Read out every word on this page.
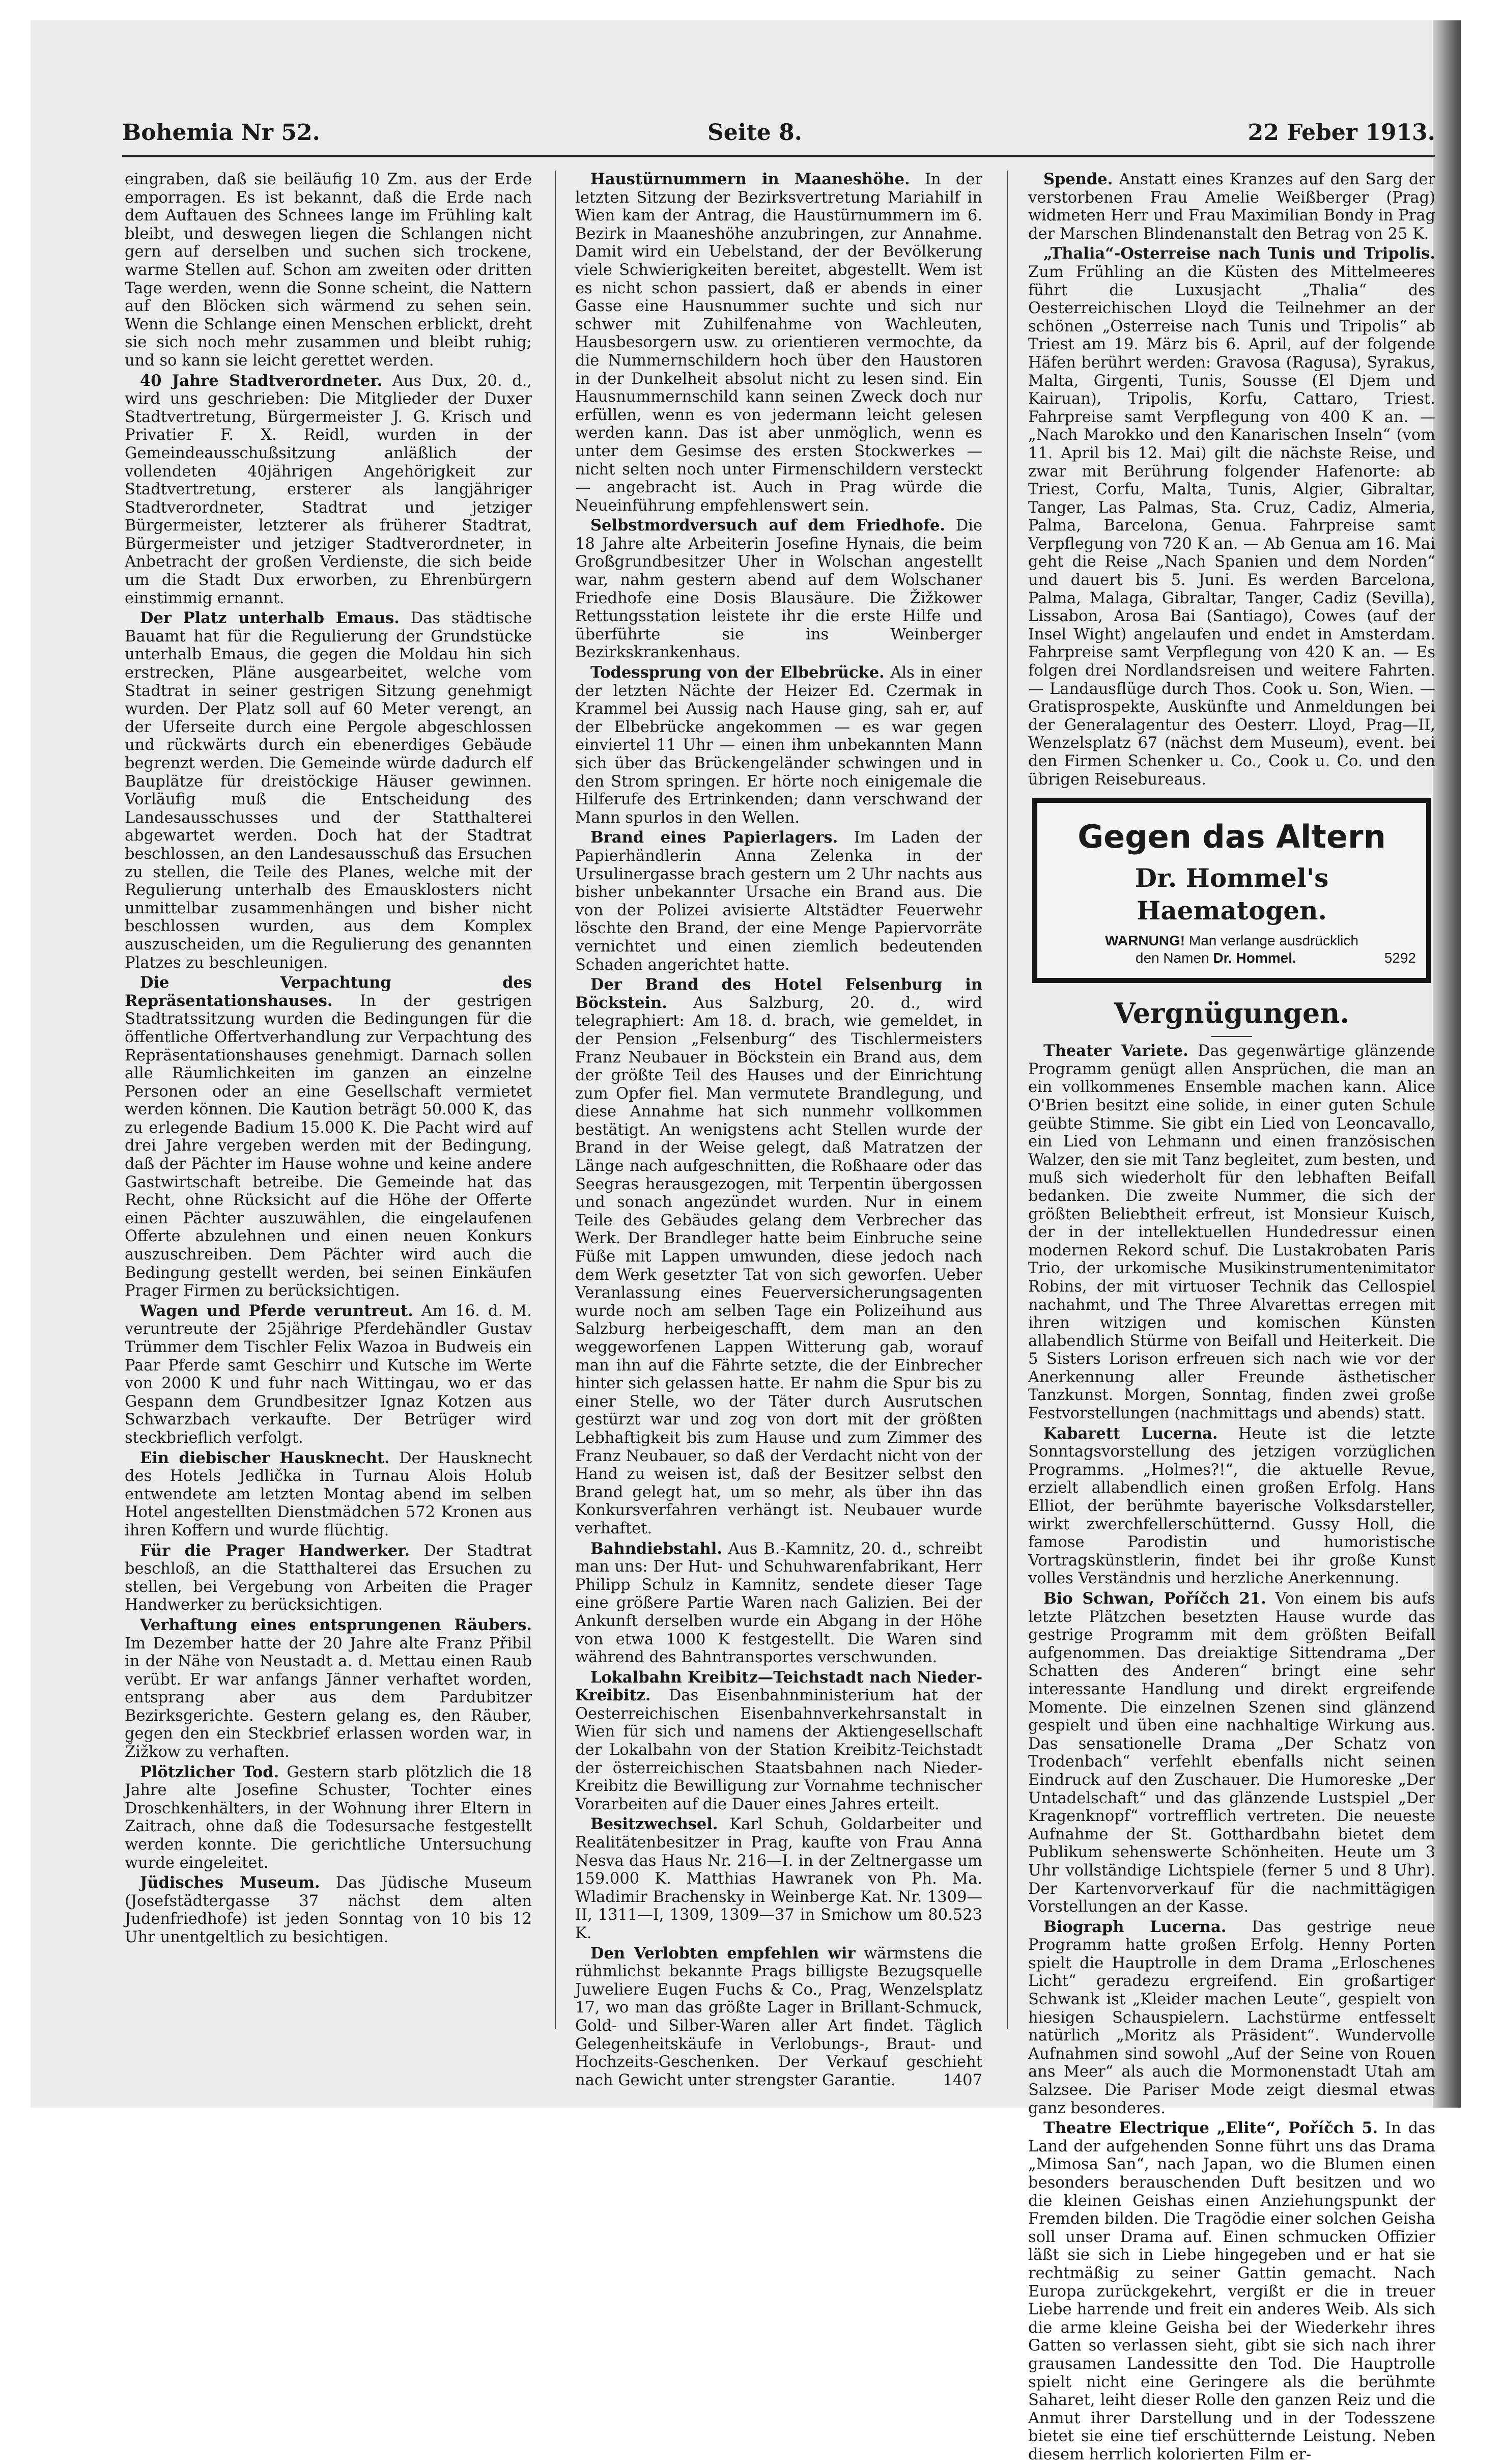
Bohemia Nr 52.	Seite 8.	22 Feber 1913.

eingraben, daß sie beiläufig 10 Zm. aus der Erde emporragen. Es ist bekannt, daß die Erde nach dem Auftauen des Schnees lange im Frühling kalt bleibt, und deswegen liegen die Schlangen nicht gern auf derselben und suchen sich trockene, warme Stellen auf. Schon am zweiten oder dritten Tage werden, wenn die Sonne scheint, die Nattern auf den Blöcken sich wärmend zu sehen sein. Wenn die Schlange einen Menschen erblickt, dreht sie sich noch mehr zusammen und bleibt ruhig; und so kann sie leicht gerettet werden.

40 Jahre Stadtverordneter. Aus Dux, 20. d., wird uns geschrieben: Die Mitglieder der Duxer Stadtvertretung, Bürgermeister J. G. Krisch und Privatier F. X. Reidl, wurden in der Gemeindeausschußsitzung anläßlich der vollendeten 40jährigen Angehörigkeit zur Stadtvertretung, ersterer als langjähriger Stadtverordneter, Stadtrat und jetziger Bürgermeister, letzterer als früherer Stadtrat, Bürgermeister und jetziger Stadtverordneter, in Anbetracht der großen Verdienste, die sich beide um die Stadt Dux erworben, zu Ehrenbürgern einstimmig ernannt.

Der Platz unterhalb Emaus. Das städtische Bauamt hat für die Regulierung der Grundstücke unterhalb Emaus, die gegen die Moldau hin sich erstrecken, Pläne ausgearbeitet, welche vom Stadtrat in seiner gestrigen Sitzung genehmigt wurden. Der Platz soll auf 60 Meter verengt, an der Uferseite durch eine Pergole abgeschlossen und rückwärts durch ein ebenerdiges Gebäude begrenzt werden. Die Gemeinde würde dadurch elf Bauplätze für dreistöckige Häuser gewinnen. Vorläufig muß die Entscheidung des Landesausschusses und der Statthalterei abgewartet werden. Doch hat der Stadtrat beschlossen, an den Landesausschuß das Ersuchen zu stellen, die Teile des Planes, welche mit der Regulierung unterhalb des Emausklosters nicht unmittelbar zusammenhängen und bisher nicht beschlossen wurden, aus dem Komplex auszuscheiden, um die Regulierung des genannten Platzes zu beschleunigen.

Die Verpachtung des Repräsentationshauses. In der gestrigen Stadtratssitzung wurden die Bedingungen für die öffentliche Offertverhandlung zur Verpachtung des Repräsentationshauses genehmigt. Darnach sollen alle Räumlichkeiten im ganzen an einzelne Personen oder an eine Gesellschaft vermietet werden können. Die Kaution beträgt 50.000 K, das zu erlegende Badium 15.000 K. Die Pacht wird auf drei Jahre vergeben werden mit der Bedingung, daß der Pächter im Hause wohne und keine andere Gastwirtschaft betreibe. Die Gemeinde hat das Recht, ohne Rücksicht auf die Höhe der Offerte einen Pächter auszuwählen, die eingelaufenen Offerte abzulehnen und einen neuen Konkurs auszuschreiben. Dem Pächter wird auch die Bedingung gestellt werden, bei seinen Einkäufen Prager Firmen zu berücksichtigen.

Wagen und Pferde veruntreut. Am 16. d. M. veruntreute der 25jährige Pferdehändler Gustav Trümmer dem Tischler Felix Wazoa in Budweis ein Paar Pferde samt Geschirr und Kutsche im Werte von 2000 K und fuhr nach Wittingau, wo er das Gespann dem Grundbesitzer Ignaz Kotzen aus Schwarzbach verkaufte. Der Betrüger wird steckbrieflich verfolgt.

Ein diebischer Hausknecht. Der Hausknecht des Hotels Jedlička in Turnau Alois Holub entwendete am letzten Montag abend im selben Hotel angestellten Dienstmädchen 572 Kronen aus ihren Koffern und wurde flüchtig.

Für die Prager Handwerker. Der Stadtrat beschloß, an die Statthalterei das Ersuchen zu stellen, bei Vergebung von Arbeiten die Prager Handwerker zu berücksichtigen.

Verhaftung eines entsprungenen Räubers. Im Dezember hatte der 20 Jahre alte Franz Přibil in der Nähe von Neustadt a. d. Mettau einen Raub verübt. Er war anfangs Jänner verhaftet worden, entsprang aber aus dem Pardubitzer Bezirksgerichte. Gestern gelang es, den Räuber, gegen den ein Steckbrief erlassen worden war, in Žižkow zu verhaften.

Plötzlicher Tod. Gestern starb plötzlich die 18 Jahre alte Josefine Schuster, Tochter eines Droschkenhälters, in der Wohnung ihrer Eltern in Zaitrach, ohne daß die Todesursache festgestellt werden konnte. Die gerichtliche Untersuchung wurde eingeleitet.

Jüdisches Museum. Das Jüdische Museum (Josefstädtergasse 37 nächst dem alten Judenfriedhofe) ist jeden Sonntag von 10 bis 12 Uhr unentgeltlich zu besichtigen.

Haustürnummern in Maaneshöhe. In der letzten Sitzung der Bezirksvertretung Mariahilf in Wien kam der Antrag, die Haustürnummern im 6. Bezirk in Maaneshöhe anzubringen, zur Annahme. Damit wird ein Uebelstand, der der Bevölkerung viele Schwierigkeiten bereitet, abgestellt. Wem ist es nicht schon passiert, daß er abends in einer Gasse eine Hausnummer suchte und sich nur schwer mit Zuhilfenahme von Wachleuten, Hausbesorgern usw. zu orientieren vermochte, da die Nummernschildern hoch über den Haustoren in der Dunkelheit absolut nicht zu lesen sind. Ein Hausnummernschild kann seinen Zweck doch nur erfüllen, wenn es von jedermann leicht gelesen werden kann. Das ist aber unmöglich, wenn es unter dem Gesimse des ersten Stockwerkes — nicht selten noch unter Firmenschildern versteckt — angebracht ist. Auch in Prag würde die Neueinführung empfehlenswert sein.

Selbstmordversuch auf dem Friedhofe. Die 18 Jahre alte Arbeiterin Josefine Hynais, die beim Großgrundbesitzer Uher in Wolschan angestellt war, nahm gestern abend auf dem Wolschaner Friedhofe eine Dosis Blausäure. Die Žižkower Rettungsstation leistete ihr die erste Hilfe und überführte sie ins Weinberger Bezirkskrankenhaus.

Todessprung von der Elbebrücke. Als in einer der letzten Nächte der Heizer Ed. Czermak in Krammel bei Aussig nach Hause ging, sah er, auf der Elbebrücke angekommen — es war gegen einviertel 11 Uhr — einen ihm unbekannten Mann sich über das Brückengeländer schwingen und in den Strom springen. Er hörte noch einigemale die Hilferufe des Ertrinkenden; dann verschwand der Mann spurlos in den Wellen.

Brand eines Papierlagers. Im Laden der Papierhändlerin Anna Zelenka in der Ursulinergasse brach gestern um 2 Uhr nachts aus bisher unbekannter Ursache ein Brand aus. Die von der Polizei avisierte Altstädter Feuerwehr löschte den Brand, der eine Menge Papiervorräte vernichtet und einen ziemlich bedeutenden Schaden angerichtet hatte.

Der Brand des Hotel Felsenburg in Böckstein. Aus Salzburg, 20. d., wird telegraphiert: Am 18. d. brach, wie gemeldet, in der Pension „Felsenburg“ des Tischlermeisters Franz Neubauer in Böckstein ein Brand aus, dem der größte Teil des Hauses und der Einrichtung zum Opfer fiel. Man vermutete Brandlegung, und diese Annahme hat sich nunmehr vollkommen bestätigt. An wenigstens acht Stellen wurde der Brand in der Weise gelegt, daß Matratzen der Länge nach aufgeschnitten, die Roßhaare oder das Seegras herausgezogen, mit Terpentin übergossen und sonach angezündet wurden. Nur in einem Teile des Gebäudes gelang dem Verbrecher das Werk. Der Brandleger hatte beim Einbruche seine Füße mit Lappen umwunden, diese jedoch nach dem Werk gesetzter Tat von sich geworfen. Ueber Veranlassung eines Feuerversicherungsagenten wurde noch am selben Tage ein Polizeihund aus Salzburg herbeigeschafft, dem man an den weggeworfenen Lappen Witterung gab, worauf man ihn auf die Fährte setzte, die der Einbrecher hinter sich gelassen hatte. Er nahm die Spur bis zu einer Stelle, wo der Täter durch Ausrutschen gestürzt war und zog von dort mit der größten Lebhaftigkeit bis zum Hause und zum Zimmer des Franz Neubauer, so daß der Verdacht nicht von der Hand zu weisen ist, daß der Besitzer selbst den Brand gelegt hat, um so mehr, als über ihn das Konkursverfahren verhängt ist. Neubauer wurde verhaftet.

Bahndiebstahl. Aus B.-Kamnitz, 20. d., schreibt man uns: Der Hut- und Schuhwarenfabrikant, Herr Philipp Schulz in Kamnitz, sendete dieser Tage eine größere Partie Waren nach Galizien. Bei der Ankunft derselben wurde ein Abgang in der Höhe von etwa 1000 K festgestellt. Die Waren sind während des Bahntransportes verschwunden.

Lokalbahn Kreibitz—Teichstadt nach Nieder-Kreibitz. Das Eisenbahnministerium hat der Oesterreichischen Eisenbahnverkehrsanstalt in Wien für sich und namens der Aktiengesellschaft der Lokalbahn von der Station Kreibitz-Teichstadt der österreichischen Staatsbahnen nach Nieder-Kreibitz die Bewilligung zur Vornahme technischer Vorarbeiten auf die Dauer eines Jahres erteilt.

Besitzwechsel. Karl Schuh, Goldarbeiter und Realitätenbesitzer in Prag, kaufte von Frau Anna Nesva das Haus Nr. 216—I. in der Zeltnergasse um 159.000 K. Matthias Hawranek von Ph. Ma. Wladimir Brachensky in Weinberge Kat. Nr. 1309—II, 1311—I, 1309, 1309—37 in Smichow um 80.523 K.

Den Verlobten empfehlen wir wärmstens die rühmlichst bekannte Prags billigste Bezugsquelle Juweliere Eugen Fuchs & Co., Prag, Wenzelsplatz 17, wo man das größte Lager in Brillant-Schmuck, Gold- und Silber-Waren aller Art findet. Täglich Gelegenheitskäufe in Verlobungs-, Braut- und Hochzeits-Geschenken. Der Verkauf geschieht nach Gewicht unter strengster Garantie.	1407

Spende. Anstatt eines Kranzes auf den Sarg der verstorbenen Frau Amelie Weißberger (Prag) widmeten Herr und Frau Maximilian Bondy in Prag der Marschen Blindenanstalt den Betrag von 25 K.

„Thalia“-Osterreise nach Tunis und Tripolis. Zum Frühling an die Küsten des Mittelmeeres führt die Luxusjacht „Thalia“ des Oesterreichischen Lloyd die Teilnehmer an der schönen „Osterreise nach Tunis und Tripolis“ ab Triest am 19. März bis 6. April, auf der folgende Häfen berührt werden: Gravosa (Ragusa), Syrakus, Malta, Girgenti, Tunis, Sousse (El Djem und Kairuan), Tripolis, Korfu, Cattaro, Triest. Fahrpreise samt Verpflegung von 400 K an. — „Nach Marokko und den Kanarischen Inseln“ (vom 11. April bis 12. Mai) gilt die nächste Reise, und zwar mit Berührung folgender Hafenorte: ab Triest, Corfu, Malta, Tunis, Algier, Gibraltar, Tanger, Las Palmas, Sta. Cruz, Cadiz, Almeria, Palma, Barcelona, Genua. Fahrpreise samt Verpflegung von 720 K an. — Ab Genua am 16. Mai geht die Reise „Nach Spanien und dem Norden“ und dauert bis 5. Juni. Es werden Barcelona, Palma, Malaga, Gibraltar, Tanger, Cadiz (Sevilla), Lissabon, Arosa Bai (Santiago), Cowes (auf der Insel Wight) angelaufen und endet in Amsterdam. Fahrpreise samt Verpflegung von 420 K an. — Es folgen drei Nordlandsreisen und weitere Fahrten. — Landausflüge durch Thos. Cook u. Son, Wien. — Gratisprospekte, Auskünfte und Anmeldungen bei der Generalagentur des Oesterr. Lloyd, Prag—II, Wenzelsplatz 67 (nächst dem Museum), event. bei den Firmen Schenker u. Co., Cook u. Co. und den übrigen Reisebureaus.

Gegen das Altern
Dr. Hommel's Haematogen.
WARNUNG! Man verlange ausdrücklich
den Namen Dr. Hommel.	5292
Vergnügungen.

Theater Variete. Das gegenwärtige glänzende Programm genügt allen Ansprüchen, die man an ein vollkommenes Ensemble machen kann. Alice O'Brien besitzt eine solide, in einer guten Schule geübte Stimme. Sie gibt ein Lied von Leoncavallo, ein Lied von Lehmann und einen französischen Walzer, den sie mit Tanz begleitet, zum besten, und muß sich wiederholt für den lebhaften Beifall bedanken. Die zweite Nummer, die sich der größten Beliebtheit erfreut, ist Monsieur Kuisch, der in der intellektuellen Hundedressur einen modernen Rekord schuf. Die Lustakrobaten Paris Trio, der urkomische Musikinstrumentenimitator Robins, der mit virtuoser Technik das Cellospiel nachahmt, und The Three Alvarettas erregen mit ihren witzigen und komischen Künsten allabendlich Stürme von Beifall und Heiterkeit. Die 5 Sisters Lorison erfreuen sich nach wie vor der Anerkennung aller Freunde ästhetischer Tanzkunst. Morgen, Sonntag, finden zwei große Festvorstellungen (nachmittags und abends) statt.

Kabarett Lucerna. Heute ist die letzte Sonntagsvorstellung des jetzigen vorzüglichen Programms. „Holmes?!“, die aktuelle Revue, erzielt allabendlich einen großen Erfolg. Hans Elliot, der berühmte bayerische Volksdarsteller, wirkt zwerchfellerschütternd. Gussy Holl, die famose Parodistin und humoristische Vortragskünstlerin, findet bei ihr große Kunst volles Verständnis und herzliche Anerkennung.

Bio Schwan, Poříčch 21. Von einem bis aufs letzte Plätzchen besetzten Hause wurde das gestrige Programm mit dem größten Beifall aufgenommen. Das dreiaktige Sittendrama „Der Schatten des Anderen“ bringt eine sehr interessante Handlung und direkt ergreifende Momente. Die einzelnen Szenen sind glänzend gespielt und üben eine nachhaltige Wirkung aus. Das sensationelle Drama „Der Schatz von Trodenbach“ verfehlt ebenfalls nicht seinen Eindruck auf den Zuschauer. Die Humoreske „Der Untadelschaft“ und das glänzende Lustspiel „Der Kragenknopf“ vortrefflich vertreten. Die neueste Aufnahme der St. Gotthardbahn bietet dem Publikum sehenswerte Schönheiten. Heute um 3 Uhr vollständige Lichtspiele (ferner 5 und 8 Uhr). Der Kartenvorverkauf für die nachmittägigen Vorstellungen an der Kasse.

Biograph Lucerna. Das gestrige neue Programm hatte großen Erfolg. Henny Porten spielt die Hauptrolle in dem Drama „Erloschenes Licht“ geradezu ergreifend. Ein großartiger Schwank ist „Kleider machen Leute“, gespielt von hiesigen Schauspielern. Lachstürme entfesselt natürlich „Moritz als Präsident“. Wundervolle Aufnahmen sind sowohl „Auf der Seine von Rouen ans Meer“ als auch die Mormonenstadt Utah am Salzsee. Die Pariser Mode zeigt diesmal etwas ganz besonderes.

Theatre Electrique „Elite“, Poříčch 5. In das Land der aufgehenden Sonne führt uns das Drama „Mimosa San“, nach Japan, wo die Blumen einen besonders berauschenden Duft besitzen und wo die kleinen Geishas einen Anziehungspunkt der Fremden bilden. Die Tragödie einer solchen Geisha soll unser Drama auf. Einen schmucken Offizier läßt sie sich in Liebe hingegeben und er hat sie rechtmäßig zu seiner Gattin gemacht. Nach Europa zurückgekehrt, vergißt er die in treuer Liebe harrende und freit ein anderes Weib. Als sich die arme kleine Geisha bei der Wiederkehr ihres Gatten so verlassen sieht, gibt sie sich nach ihrer grausamen Landessitte den Tod. Die Hauptrolle spielt nicht eine Geringere als die berühmte Saharet, leiht dieser Rolle den ganzen Reiz und die Anmut ihrer Darstellung und in der Todesszene bietet sie eine tief erschütternde Leistung. Neben diesem herrlich kolorierten Film er-
